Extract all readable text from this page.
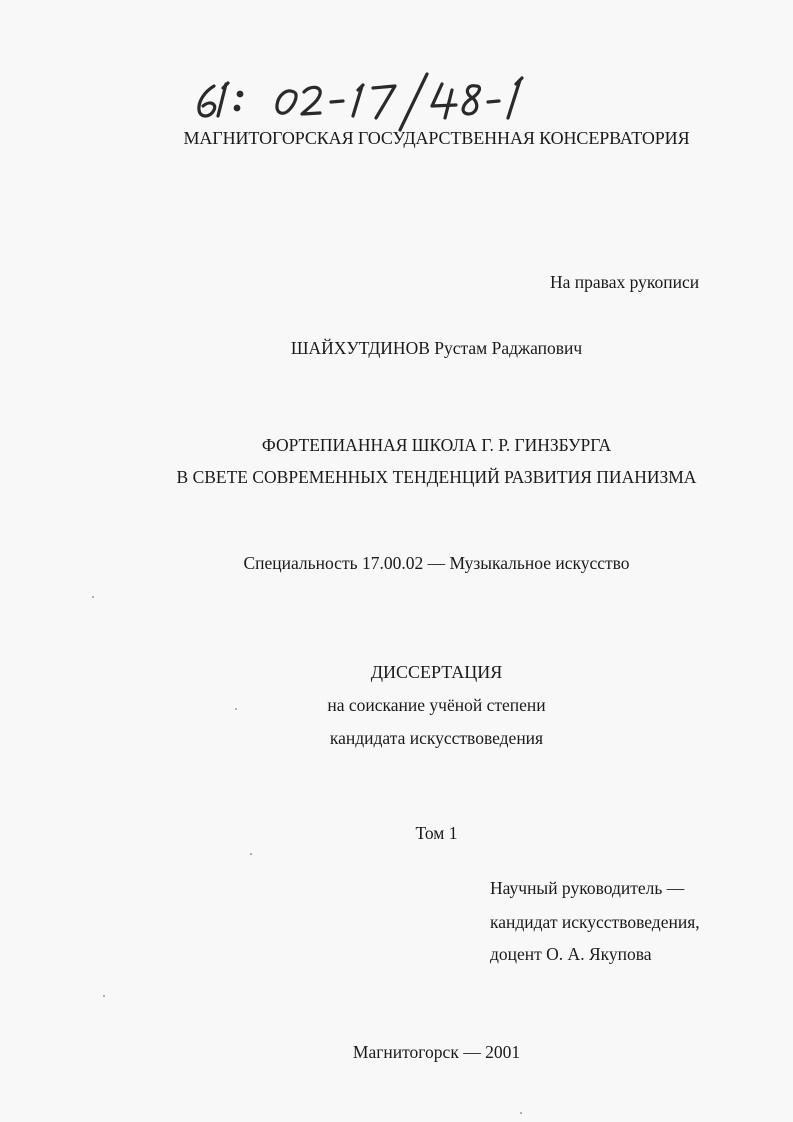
МАГНИТОГОРСКАЯ ГОСУДАРСТВЕННАЯ КОНСЕРВАТОРИЯ
На правах рукописи
ШАЙХУТДИНОВ Рустам Раджапович
ФОРТЕПИАННАЯ ШКОЛА Г. Р. ГИНЗБУРГА
В СВЕТЕ СОВРЕМЕННЫХ ТЕНДЕНЦИЙ РАЗВИТИЯ ПИАНИЗМА
Специальность 17.00.02 — Музыкальное искусство
ДИССЕРТАЦИЯ
на соискание учёной степени
кандидата искусствоведения
Том 1
Научный руководитель —
кандидат искусствоведения,
доцент О. А. Якупова
Магнитогорск — 2001
